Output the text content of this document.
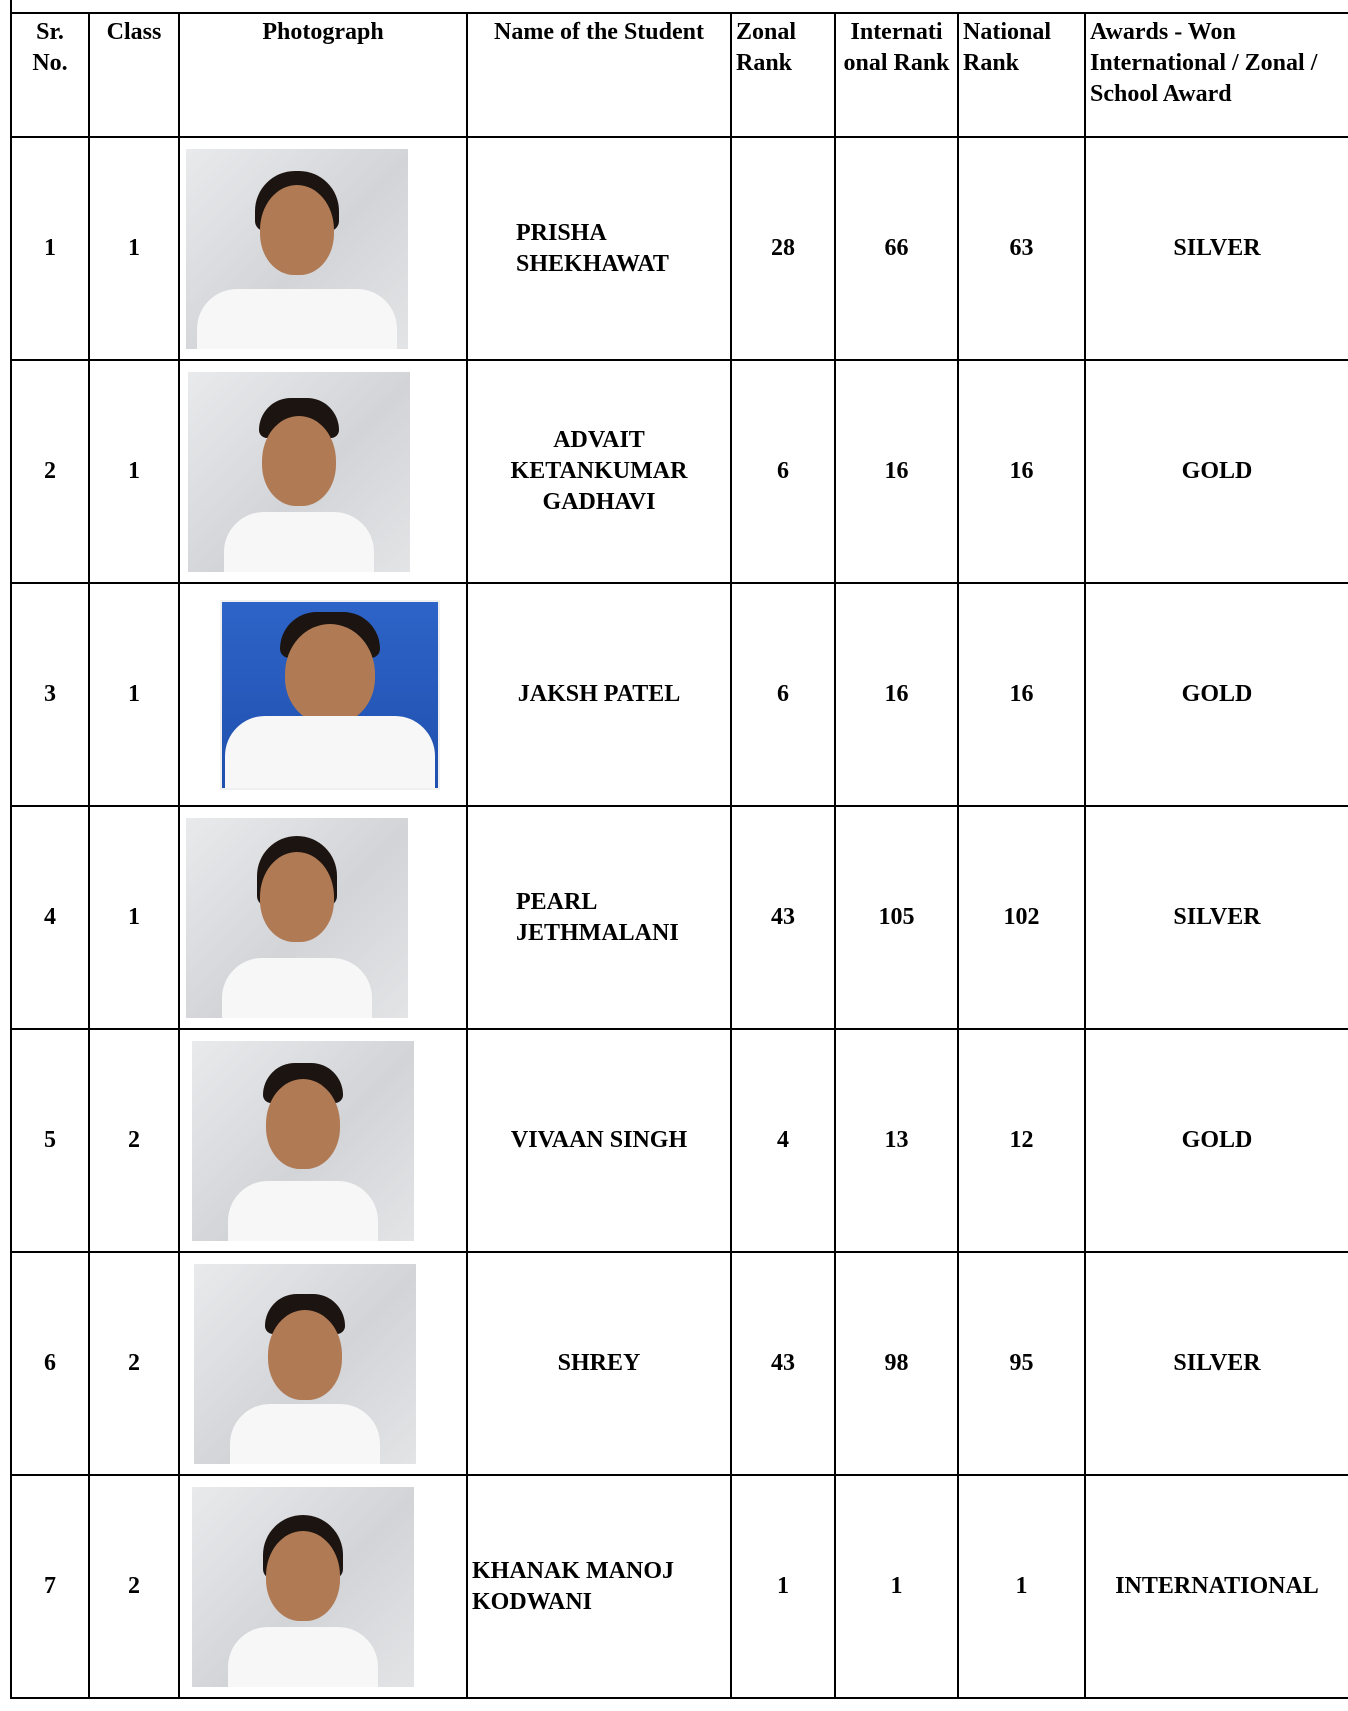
Sr. No.	Class	Photograph	Name of the Student	Zonal Rank	Internati onal Rank	National Rank	Awards - Won International / Zonal / School Award
1	1		PRISHA SHEKHAWAT	28	66	63	SILVER
2	1		ADVAIT KETANKUMAR GADHAVI	6	16	16	GOLD
3	1		JAKSH PATEL	6	16	16	GOLD
4	1		PEARL JETHMALANI	43	105	102	SILVER
5	2		VIVAAN SINGH	4	13	12	GOLD
6	2		SHREY	43	98	95	SILVER
7	2		KHANAK MANOJ KODWANI	1	1	1	INTERNATIONAL
